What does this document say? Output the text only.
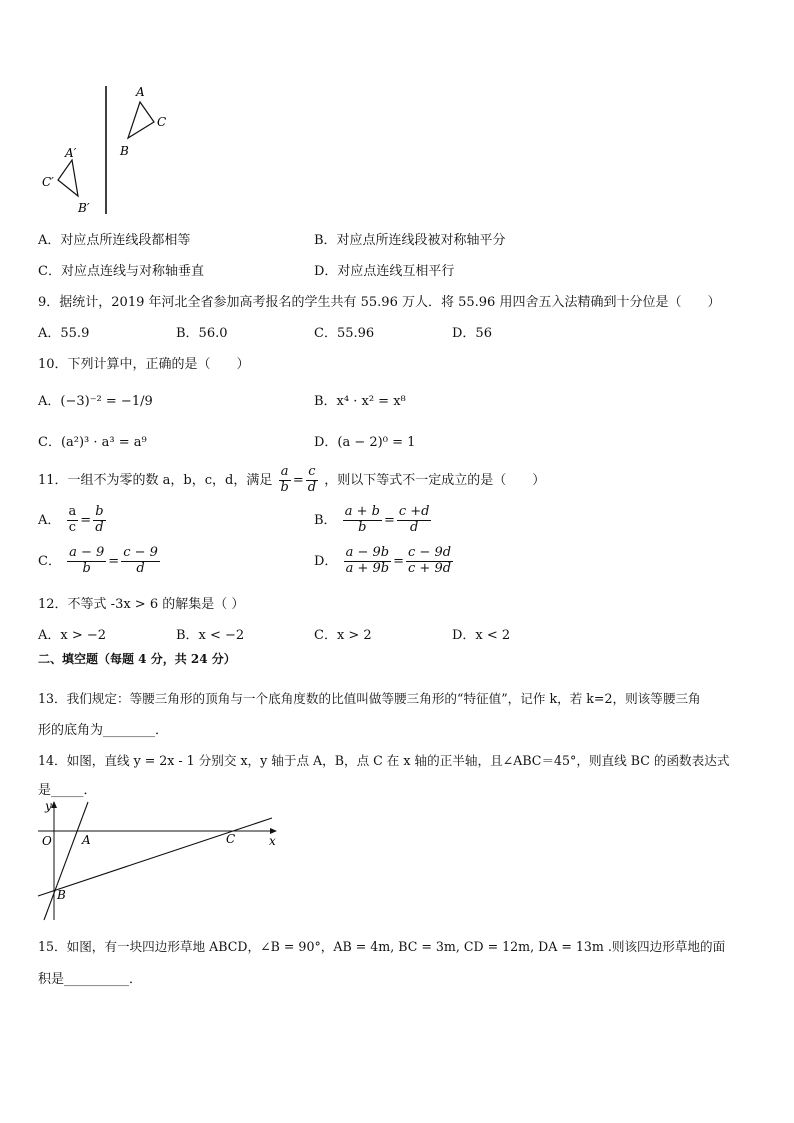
A
B
C
A′
B′
C′
A．对应点所连线段都相等	B．对应点所连线段被对称轴平分
C．对应点连线与对称轴垂直	D．对应点连线互相平行
9．据统计，2019 年河北全省参加高考报名的学生共有 55.96 万人．将 55.96 用四舍五入法精确到十分位是（　　）
A．55.9	B．56.0	C．55.96	D．56
10．下列计算中，正确的是（　　）
A．(−3)⁻² = −1/9	B．x⁴ · x² = x⁸
C．(a²)³ · a³ = a⁹	D．(a − 2)⁰ = 1
11．一组不为零的数 a，b，c，d，满足 $\frac{a}{b} = \frac{c}{d}$ ，则以下等式不一定成立的是（　　）
A． $\frac{a}{c} = \frac{b}{d}$	B． $\frac{a + b}{b} = \frac{c +d}{d}$
C． $\frac{a - 9}{b} = \frac{c - 9}{d}$	D． $\frac{a - 9b}{a + 9b} = \frac{c - 9d}{c + 9d}$
12．不等式 -3x > 6 的解集是（ ）
A．x > −2	B．x < −2	C．x > 2	D．x < 2
二、填空题（每题 4 分，共 24 分）
13．我们规定：等腰三角形的顶角与一个底角度数的比值叫做等腰三角形的“特征值”，记作 k，若 k=2，则该等腰三角
形的底角为________．
14．如图，直线 y = 2x - 1 分别交 x，y 轴于点 A，B，点 C 在 x 轴的正半轴，且∠ABC＝45°，则直线 BC 的函数表达式
是_____．
y
x
O	A
B
C
15．如图，有一块四边形草地 ABCD，∠B = 90°，AB = 4m, BC = 3m, CD = 12m, DA = 13m .则该四边形草地的面
积是__________．
